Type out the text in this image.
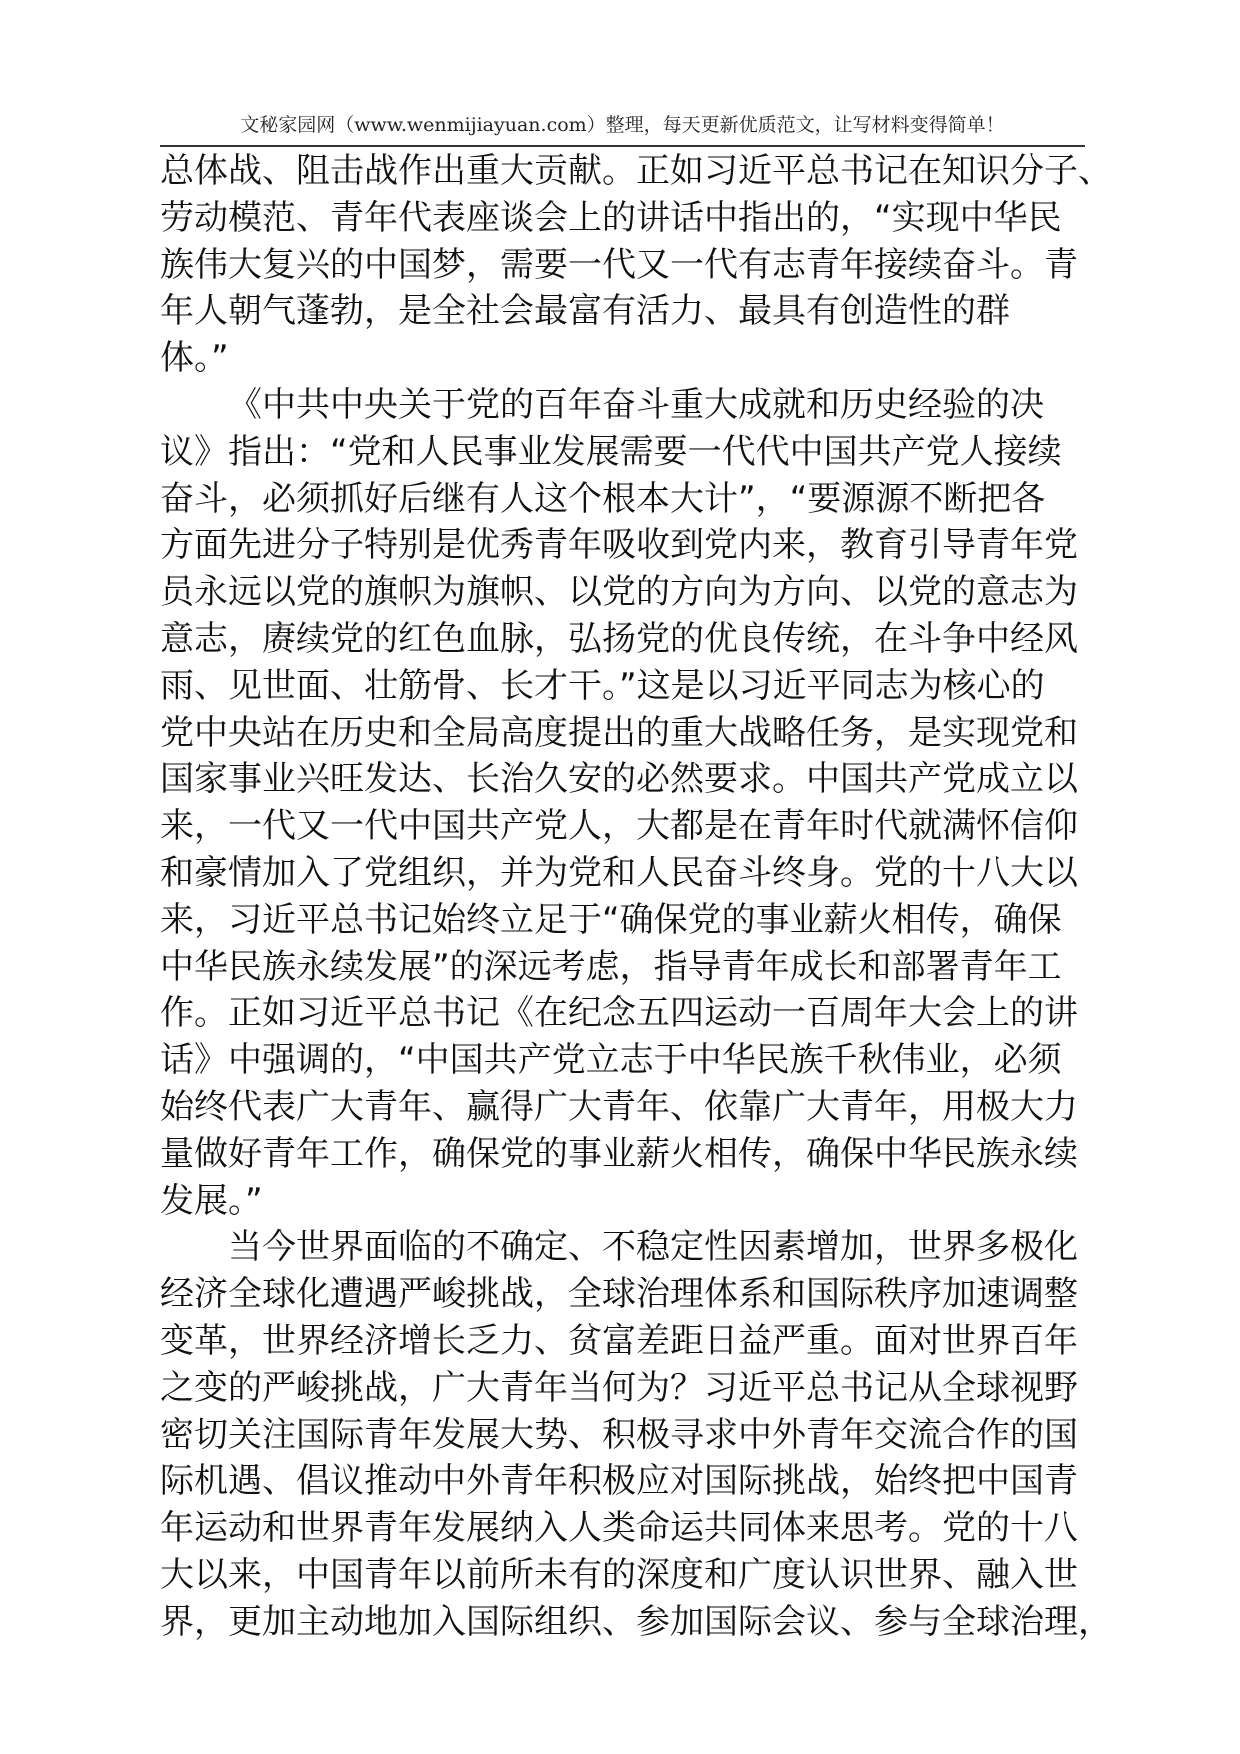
文秘家园网（www.wenmijiayuan.com）整理，每天更新优质范文，让写材料变得简单！
总体战、阻击战作出重大贡献。正如习近平总书记在知识分子、
劳动模范、青年代表座谈会上的讲话中指出的，“实现中华民
族伟大复兴的中国梦，需要一代又一代有志青年接续奋斗。青
年人朝气蓬勃，是全社会最富有活力、最具有创造性的群
体。”
《中共中央关于党的百年奋斗重大成就和历史经验的决
议》指出：“党和人民事业发展需要一代代中国共产党人接续
奋斗，必须抓好后继有人这个根本大计”，“要源源不断把各
方面先进分子特别是优秀青年吸收到党内来，教育引导青年党
员永远以党的旗帜为旗帜、以党的方向为方向、以党的意志为
意志，赓续党的红色血脉，弘扬党的优良传统，在斗争中经风
雨、见世面、壮筋骨、长才干。”这是以习近平同志为核心的
党中央站在历史和全局高度提出的重大战略任务，是实现党和
国家事业兴旺发达、长治久安的必然要求。中国共产党成立以
来，一代又一代中国共产党人，大都是在青年时代就满怀信仰
和豪情加入了党组织，并为党和人民奋斗终身。党的十八大以
来，习近平总书记始终立足于“确保党的事业薪火相传，确保
中华民族永续发展”的深远考虑，指导青年成长和部署青年工
作。正如习近平总书记《在纪念五四运动一百周年大会上的讲
话》中强调的，“中国共产党立志于中华民族千秋伟业，必须
始终代表广大青年、赢得广大青年、依靠广大青年，用极大力
量做好青年工作，确保党的事业薪火相传，确保中华民族永续
发展。”
当今世界面临的不确定、不稳定性因素增加，世界多极化
经济全球化遭遇严峻挑战，全球治理体系和国际秩序加速调整
变革，世界经济增长乏力、贫富差距日益严重。面对世界百年
之变的严峻挑战，广大青年当何为？习近平总书记从全球视野
密切关注国际青年发展大势、积极寻求中外青年交流合作的国
际机遇、倡议推动中外青年积极应对国际挑战，始终把中国青
年运动和世界青年发展纳入人类命运共同体来思考。党的十八
大以来，中国青年以前所未有的深度和广度认识世界、融入世
界，更加主动地加入国际组织、参加国际会议、参与全球治理，
